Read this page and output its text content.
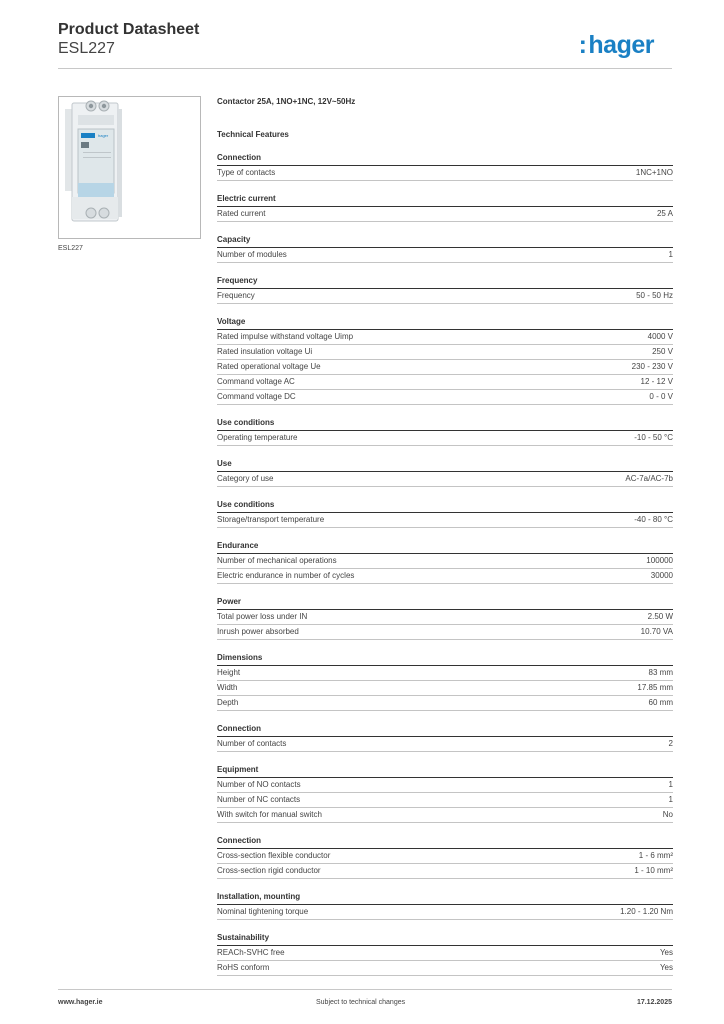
Product Datasheet
ESL227	:hager
hager
ESL227
Contactor 25A, 1NO+1NC, 12V~50Hz
Technical Features
Connection
Type of contacts	1NC+1NO
Electric current
Rated current	25 A
Capacity
Number of modules	1
Frequency
Frequency	50 - 50 Hz
Voltage
Rated impulse withstand voltage Uimp	4000 V
Rated insulation voltage Ui	250 V
Rated operational voltage Ue	230 - 230 V
Command voltage AC	12 - 12 V
Command voltage DC	0 - 0 V
Use conditions
Operating temperature	-10 - 50 °C
Use
Category of use	AC-7a/AC-7b
Use conditions
Storage/transport temperature	-40 - 80 °C
Endurance
Number of mechanical operations	100000
Electric endurance in number of cycles	30000
Power
Total power loss under IN	2.50 W
Inrush power absorbed	10.70 VA
Dimensions
Height	83 mm
Width	17.85 mm
Depth	60 mm
Connection
Number of contacts	2
Equipment
Number of NO contacts	1
Number of NC contacts	1
With switch for manual switch	No
Connection
Cross-section flexible conductor	1 - 6 mm²
Cross-section rigid conductor	1 - 10 mm²
Installation, mounting
Nominal tightening torque	1.20 - 1.20 Nm
Sustainability
REACh-SVHC free	Yes
RoHS conform	Yes
www.hager.ie	Subject to technical changes	17.12.2025
